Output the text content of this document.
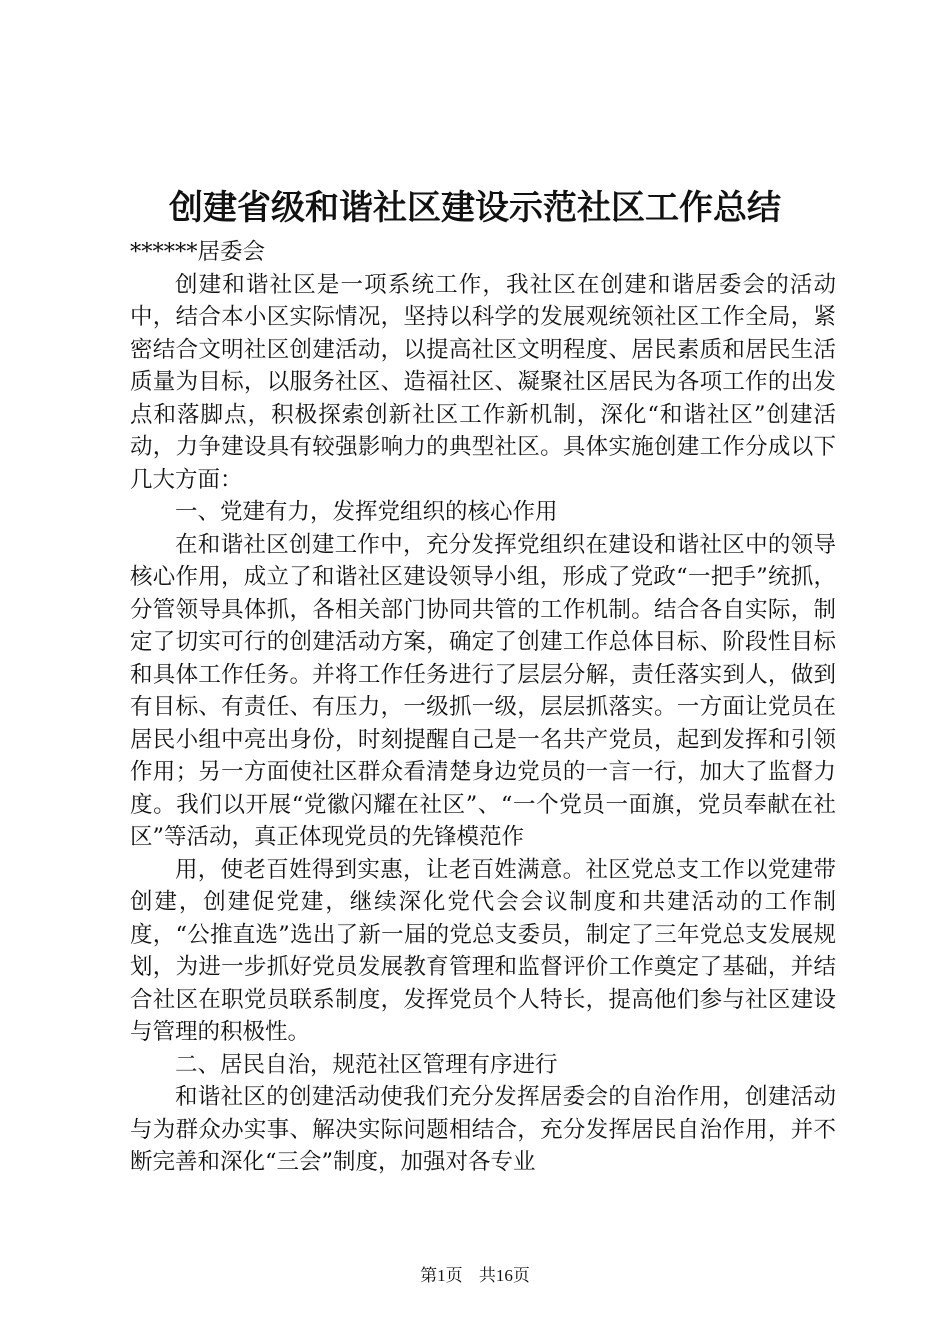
创建省级和谐社区建设示范社区工作总结

******居委会

创建和谐社区是一项系统工作，我社区在创建和谐居委会的活动中，结合本小区实际情况，坚持以科学的发展观统领社区工作全局，紧密结合文明社区创建活动，以提高社区文明程度、居民素质和居民生活质量为目标，以服务社区、造福社区、凝聚社区居民为各项工作的出发点和落脚点，积极探索创新社区工作新机制，深化“和谐社区”创建活动，力争建设具有较强影响力的典型社区。具体实施创建工作分成以下几大方面：

一、党建有力，发挥党组织的核心作用

在和谐社区创建工作中，充分发挥党组织在建设和谐社区中的领导核心作用，成立了和谐社区建设领导小组，形成了党政“一把手”统抓，分管领导具体抓，各相关部门协同共管的工作机制。结合各自实际，制定了切实可行的创建活动方案，确定了创建工作总体目标、阶段性目标和具体工作任务。并将工作任务进行了层层分解，责任落实到人，做到有目标、有责任、有压力，一级抓一级，层层抓落实。一方面让党员在居民小组中亮出身份，时刻提醒自己是一名共产党员，起到发挥和引领作用；另一方面使社区群众看清楚身边党员的一言一行，加大了监督力度。我们以开展“党徽闪耀在社区”、“一个党员一面旗，党员奉献在社区”等活动，真正体现党员的先锋模范作

用，使老百姓得到实惠，让老百姓满意。社区党总支工作以党建带创建，创建促党建，继续深化党代会会议制度和共建活动的工作制度，“公推直选”选出了新一届的党总支委员，制定了三年党总支发展规划，为进一步抓好党员发展教育管理和监督评价工作奠定了基础，并结合社区在职党员联系制度，发挥党员个人特长，提高他们参与社区建设与管理的积极性。

二、居民自治，规范社区管理有序进行

和谐社区的创建活动使我们充分发挥居委会的自治作用，创建活动与为群众办实事、解决实际问题相结合，充分发挥居民自治作用，并不断完善和深化“三会”制度，加强对各专业

第1页 共16页
